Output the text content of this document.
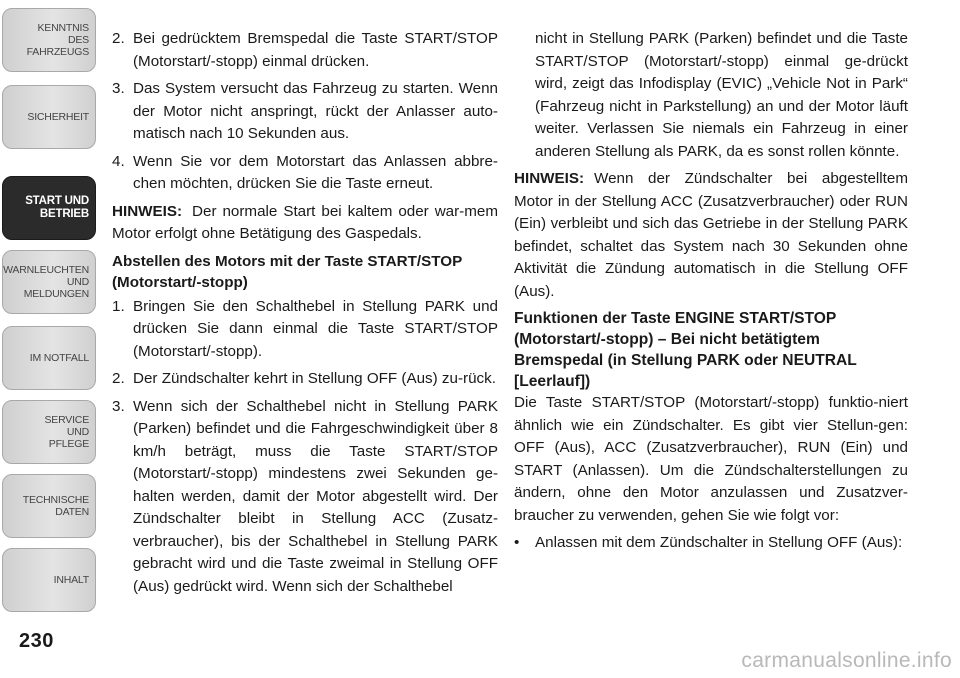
KENNTNIS
DES
FAHRZEUGS
SICHERHEIT
START UND
BETRIEB
WARNLEUCHTEN
UND
MELDUNGEN
IM NOTFALL
SERVICE
UND
PFLEGE
TECHNISCHE
DATEN
INHALT
230
carmanualsonline.info
2. Bei gedrücktem Bremspedal die Taste START/STOP (Motorstart/-stopp) einmal drücken.
3. Das System versucht das Fahrzeug zu starten. Wenn der Motor nicht anspringt, rückt der Anlasser auto-matisch nach 10 Sekunden aus.
4. Wenn Sie vor dem Motorstart das Anlassen abbre-chen möchten, drücken Sie die Taste erneut.
HINWEIS: Der normale Start bei kaltem oder war-mem Motor erfolgt ohne Betätigung des Gaspedals.
Abstellen des Motors mit der Taste START/STOP (Motorstart/-stopp)
1. Bringen Sie den Schalthebel in Stellung PARK und drücken Sie dann einmal die Taste START/STOP (Motorstart/-stopp).
2. Der Zündschalter kehrt in Stellung OFF (Aus) zu-rück.
3. Wenn sich der Schalthebel nicht in Stellung PARK (Parken) befindet und die Fahrgeschwindigkeit über 8 km/h beträgt, muss die Taste START/STOP (Motorstart/-stopp) mindestens zwei Sekunden ge-halten werden, damit der Motor abgestellt wird. Der Zündschalter bleibt in Stellung ACC (Zusatz-verbraucher), bis der Schalthebel in Stellung PARK gebracht wird und die Taste zweimal in Stellung OFF (Aus) gedrückt wird. Wenn sich der Schalthebel
nicht in Stellung PARK (Parken) befindet und die Taste START/STOP (Motorstart/-stopp) einmal ge-drückt wird, zeigt das Infodisplay (EVIC) „Vehicle Not in Park“ (Fahrzeug nicht in Parkstellung) an und der Motor läuft weiter. Verlassen Sie niemals ein Fahrzeug in einer anderen Stellung als PARK, da es sonst rollen könnte.
HINWEIS: Wenn der Zündschalter bei abgestelltem Motor in der Stellung ACC (Zusatzverbraucher) oder RUN (Ein) verbleibt und sich das Getriebe in der Stellung PARK befindet, schaltet das System nach 30 Sekunden ohne Aktivität die Zündung automatisch in die Stellung OFF (Aus).
Funktionen der Taste ENGINE START/STOP (Motorstart/-stopp) – Bei nicht betätigtem Bremspedal (in Stellung PARK oder NEUTRAL [Leerlauf])
Die Taste START/STOP (Motorstart/-stopp) funktio-niert ähnlich wie ein Zündschalter. Es gibt vier Stellun-gen: OFF (Aus), ACC (Zusatzverbraucher), RUN (Ein) und START (Anlassen). Um die Zündschalterstellungen zu ändern, ohne den Motor anzulassen und Zusatzver-braucher zu verwenden, gehen Sie wie folgt vor:
• Anlassen mit dem Zündschalter in Stellung OFF (Aus):
